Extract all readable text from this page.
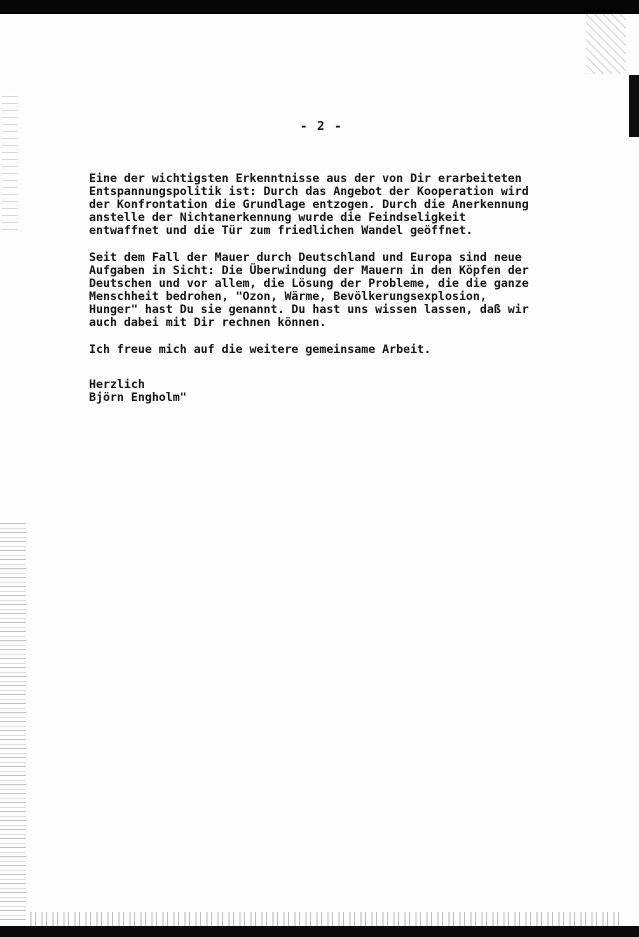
- 2 -
Eine der wichtigsten Erkenntnisse aus der von Dir erarbeiteten
Entspannungspolitik ist: Durch das Angebot der Kooperation wird
der Konfrontation die Grundlage entzogen. Durch die Anerkennung
anstelle der Nichtanerkennung wurde die Feindseligkeit
entwaffnet und die Tür zum friedlichen Wandel geöffnet.
Seit dem Fall der Mauer durch Deutschland und Europa sind neue
Aufgaben in Sicht: Die Überwindung der Mauern in den Köpfen der
Deutschen und vor allem, die Lösung der Probleme, die die ganze
Menschheit bedrohen, "Ozon, Wärme, Bevölkerungsexplosion,
Hunger" hast Du sie genannt. Du hast uns wissen lassen, daß wir
auch dabei mit Dir rechnen können.
Ich freue mich auf die weitere gemeinsame Arbeit.
Herzlich
Björn Engholm"
